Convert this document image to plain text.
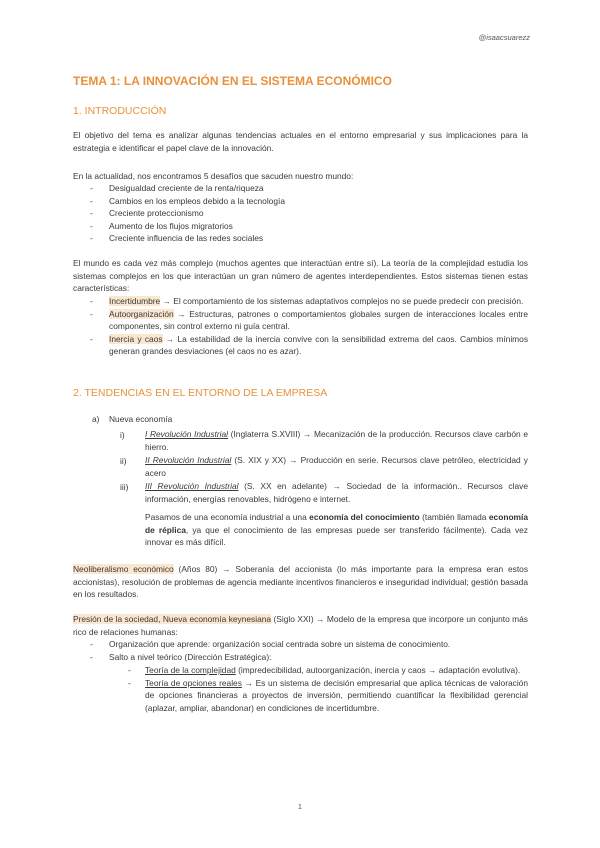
@isaacsuarezz
TEMA 1: LA INNOVACIÓN EN EL SISTEMA ECONÓMICO
1. INTRODUCCIÓN

El objetivo del tema es analizar algunas tendencias actuales en el entorno empresarial y sus implicaciones para la estrategia e identificar el papel clave de la innovación.

En la actualidad, nos encontramos 5 desafíos que sacuden nuestro mundo:

- Desigualdad creciente de la renta/riqueza
- Cambios en los empleos debido a la tecnología
- Creciente proteccionismo
- Aumento de los flujos migratorios
- Creciente influencia de las redes sociales

El mundo es cada vez más complejo (muchos agentes que interactúan entre sí). La teoría de la complejidad estudia los sistemas complejos en los que interactúan un gran número de agentes interdependientes. Estos sistemas tienen estas características:

- Incertidumbre → El comportamiento de los sistemas adaptativos complejos no se puede predecir con precisión.
- Autoorganización → Estructuras, patrones o comportamientos globales surgen de interacciones locales entre componentes, sin control externo ni guía central.
- Inercia y caos → La estabilidad de la inercia convive con la sensibilidad extrema del caos. Cambios mínimos generan grandes desviaciones (el caos no es azar).
2. TENDENCIAS EN EL ENTORNO DE LA EMPRESA
a) Nueva economía
i) I Revolución Industrial (Inglaterra S.XVIII) → Mecanización de la producción. Recursos clave carbón e hierro.
ii) II Revolución Industrial (S. XIX y XX) → Producción en serie. Recursos clave petróleo, electricidad y acero
iii) III Revolución Industrial (S. XX en adelante) → Sociedad de la información.. Recursos clave información, energías renovables, hidrógeno e internet.

Pasamos de una economía industrial a una economía del conocimiento (también llamada economía de réplica, ya que el conocimiento de las empresas puede ser transferido fácilmente). Cada vez innovar es más difícil.

Neoliberalismo económico (Años 80) → Soberanía del accionista (lo más importante para la empresa eran estos accionistas), resolución de problemas de agencia mediante incentivos financieros e inseguridad individual; gestión basada en los resultados.

Presión de la sociedad, Nueva economía keynesiana (Siglo XXI) → Modelo de la empresa que incorpore un conjunto más rico de relaciones humanas:

- Organización que aprende: organización social centrada sobre un sistema de conocimiento.
- Salto a nivel teórico (Dirección Estratégica):
- Teoría de la complejidad (impredecibilidad, autoorganización, inercia y caos → adaptación evolutiva).
- Teoría de opciones reales → Es un sistema de decisión empresarial que aplica técnicas de valoración de opciones financieras a proyectos de inversión, permitiendo cuantificar la flexibilidad gerencial (aplazar, ampliar, abandonar) en condiciones de incertidumbre.
1
